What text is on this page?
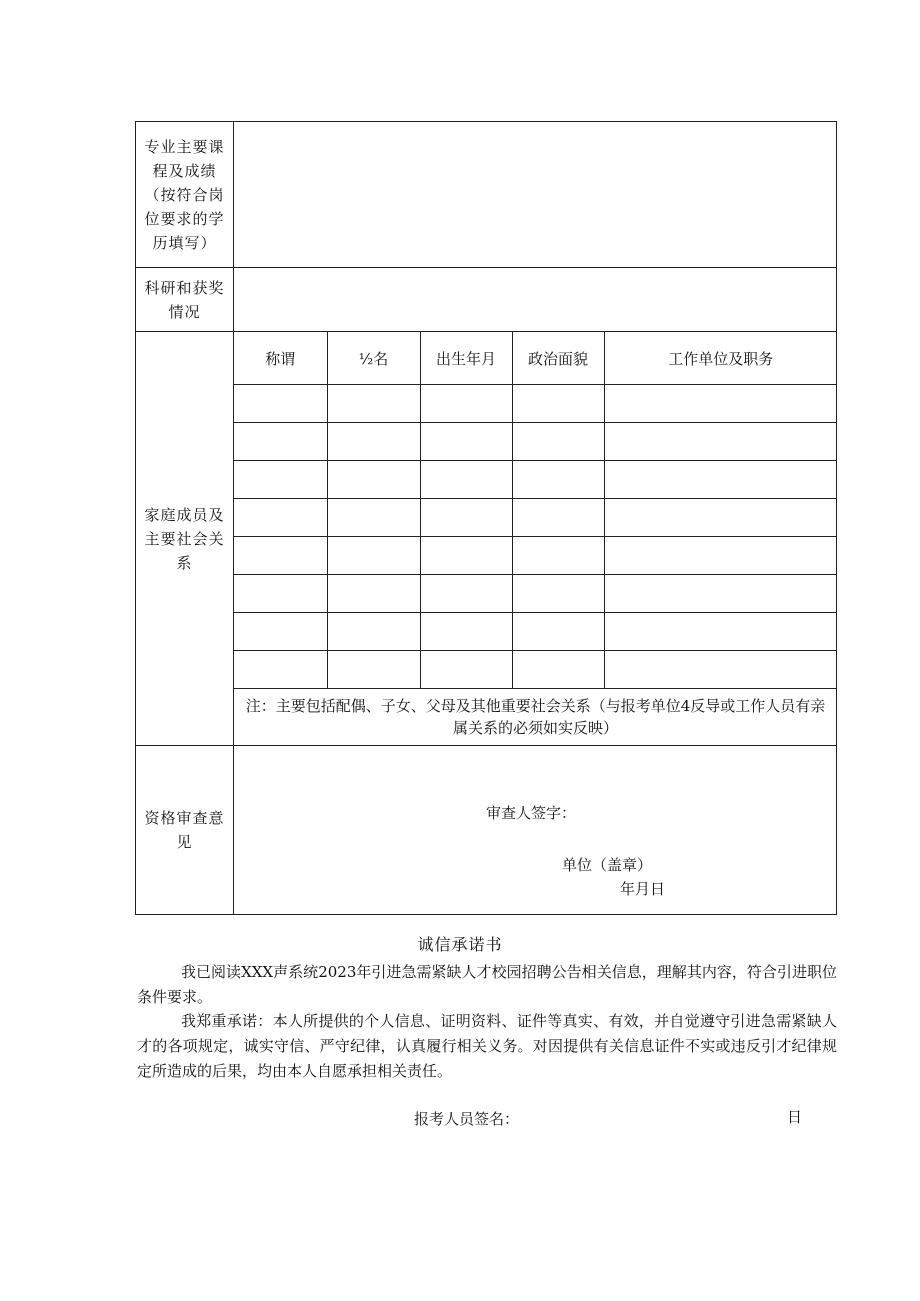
专业主要课程及成绩（按符合岗位要求的学历填写）	
科研和获奖情况	
家庭成员及主要社会关系	
称谓	½名	出生年月	政治面貌	工作单位及职务

注：主要包括配偶、子女、父母及其他重要社会关系（与报考单位4反导或工作人员有亲属关系的必须如实反映）

资格审查意见	
审查人签字：
单位（盖章）
年月日
诚信承诺书
我已阅读XXX声系统2023年引进急需紧缺人才校园招聘公告相关信息，理解其内容，符合引进职位条件要求。
我郑重承诺：本人所提供的个人信息、证明资料、证件等真实、有效，并自觉遵守引进急需紧缺人才的各项规定，诚实守信、严守纪律，认真履行相关义务。对因提供有关信息证件不实或违反引才纪律规定所造成的后果，均由本人自愿承担相关责任。
报考人员签名：	日
